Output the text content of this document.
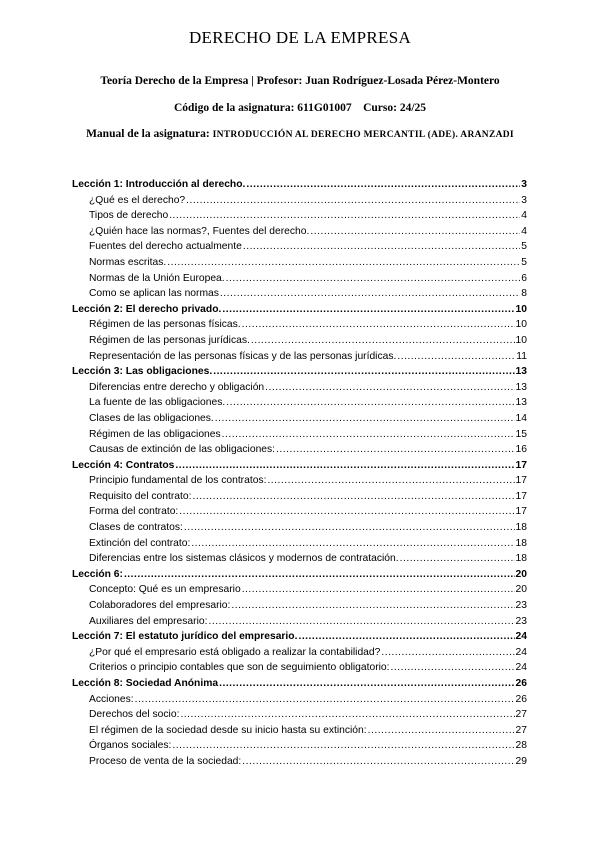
DERECHO DE LA EMPRESA
Teoría Derecho de la Empresa | Profesor: Juan Rodríguez-Losada Pérez-Montero
Código de la asignatura: 611G01007    Curso: 24/25
Manual de la asignatura: INTRODUCCIÓN AL DERECHO MERCANTIL (ADE). ARANZADI
Lección 1: Introducción al derecho. .....	3
¿Qué es el derecho? .....	3
Tipos de derecho .....	4
¿Quién hace las normas?, Fuentes del derecho. .....	4
Fuentes del derecho actualmente .....	5
Normas escritas. .....	5
Normas de la Unión Europea. .....	6
Como se aplican las normas .....	8
Lección 2: El derecho privado. .....	10
Régimen de las personas físicas. .....	10
Régimen de las personas jurídicas. .....	10
Representación de las personas físicas y de las personas jurídicas. .....	11
Lección 3: Las obligaciones. .....	13
Diferencias entre derecho y obligación .....	13
La fuente de las obligaciones. .....	13
Clases de las obligaciones. .....	14
Régimen de las obligaciones .....	15
Causas de extinción de las obligaciones: .....	16
Lección 4: Contratos .....	17
Principio fundamental de los contratos: .....	17
Requisito del contrato: .....	17
Forma del contrato: .....	17
Clases de contratos: .....	18
Extinción del contrato: .....	18
Diferencias entre los sistemas clásicos y modernos de contratación. .....	18
Lección 6: .....	20
Concepto: Qué es un empresario .....	20
Colaboradores del empresario: .....	23
Auxiliares del empresario: .....	23
Lección 7: El estatuto jurídico del empresario. .....	24
¿Por qué el empresario está obligado a realizar la contabilidad? .....	24
Criterios o principio contables que son de seguimiento obligatorio: .....	24
Lección 8: Sociedad Anónima .....	26
Acciones: .....	26
Derechos del socio: .....	27
El régimen de la sociedad desde su inicio hasta su extinción: .....	27
Órganos sociales: .....	28
Proceso de venta de la sociedad: .....	29
